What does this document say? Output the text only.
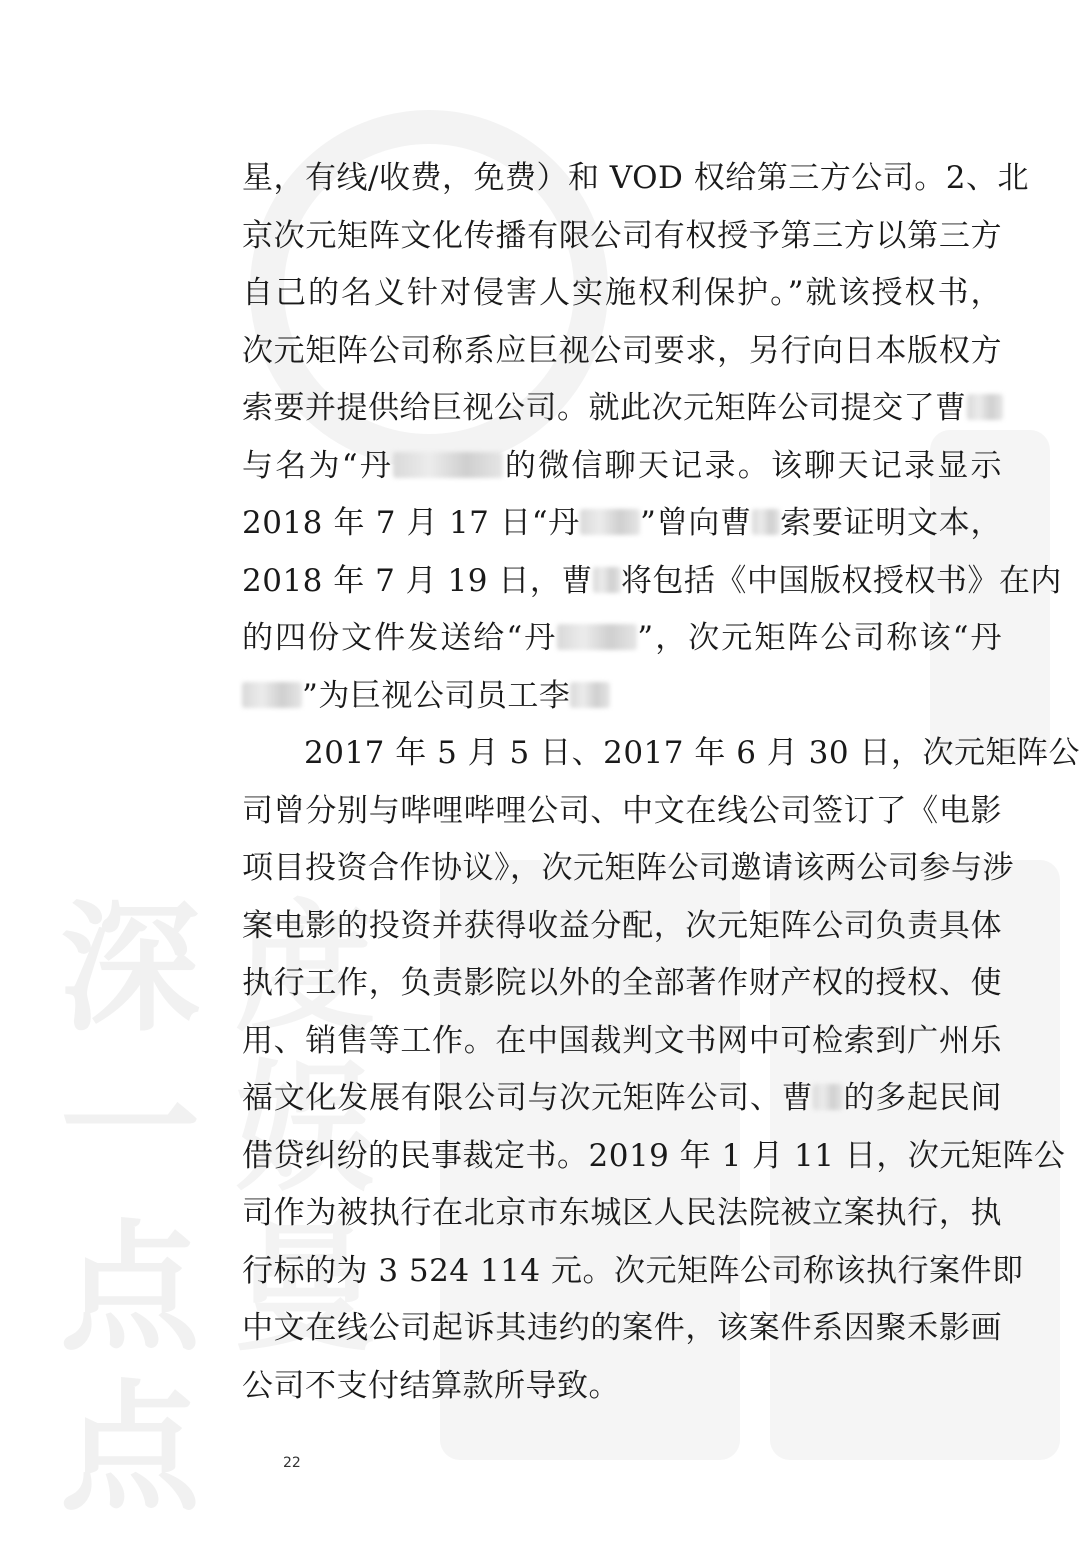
深一点点
度娱曼
星，有线/收费，免费）和 VOD 权给第三方公司。2、北
京次元矩阵文化传播有限公司有权授予第三方以第三方
自己的名义针对侵害人实施权利保护。”就该授权书，
次元矩阵公司称系应巨视公司要求，另行向日本版权方
索要并提供给巨视公司。就此次元矩阵公司提交了曹
与名为“丹	的微信聊天记录。该聊天记录显示
2018 年 7 月 17 日“丹 ”曾向曹 索要证明文本，
2018 年 7 月 19 日，曹 将包括《中国版权授权书》在内
的四份文件发送给“丹	”，次元矩阵公司称该“丹
”为巨视公司员工李
2017 年 5 月 5 日、2017 年 6 月 30 日，次元矩阵公
司曾分别与哔哩哔哩公司、中文在线公司签订了《电影
项目投资合作协议》，次元矩阵公司邀请该两公司参与涉
案电影的投资并获得收益分配，次元矩阵公司负责具体
执行工作，负责影院以外的全部著作财产权的授权、使
用、销售等工作。在中国裁判文书网中可检索到广州乐
福文化发展有限公司与次元矩阵公司、曹 的多起民间
借贷纠纷的民事裁定书。2019 年 1 月 11 日，次元矩阵公
司作为被执行在北京市东城区人民法院被立案执行，执
行标的为 3 524 114 元。次元矩阵公司称该执行案件即
中文在线公司起诉其违约的案件，该案件系因聚禾影画
公司不支付结算款所导致。
22
